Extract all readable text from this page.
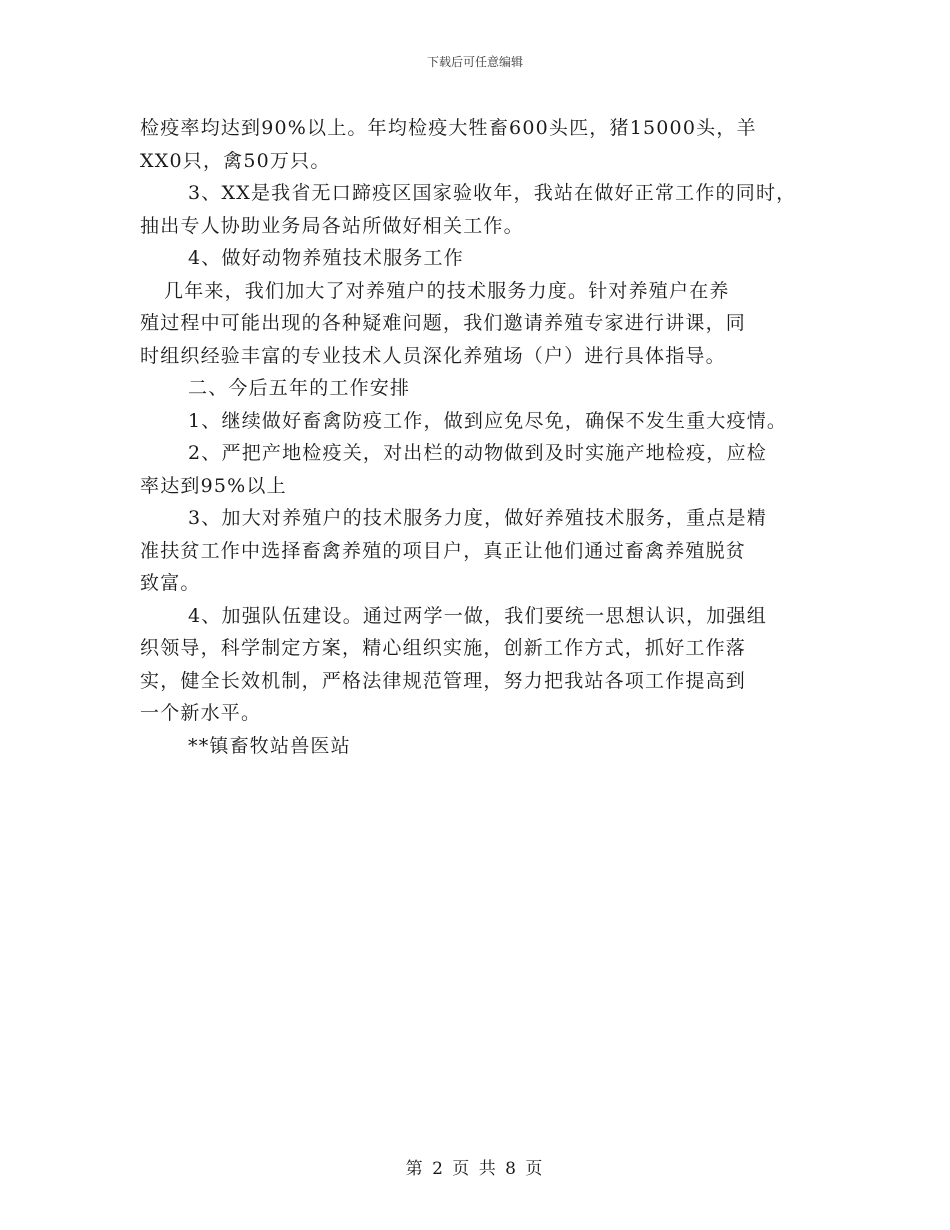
下载后可任意编辑
检疫率均达到90%以上。年均检疫大牲畜600头匹，猪15000头，羊
XX0只，禽50万只。
3、XX是我省无口蹄疫区国家验收年，我站在做好正常工作的同时，
抽出专人协助业务局各站所做好相关工作。
4、做好动物养殖技术服务工作
几年来，我们加大了对养殖户的技术服务力度。针对养殖户在养
殖过程中可能出现的各种疑难问题，我们邀请养殖专家进行讲课，同
时组织经验丰富的专业技术人员深化养殖场（户）进行具体指导。
二、今后五年的工作安排
1、继续做好畜禽防疫工作，做到应免尽免，确保不发生重大疫情。
2、严把产地检疫关，对出栏的动物做到及时实施产地检疫，应检
率达到95%以上
3、加大对养殖户的技术服务力度，做好养殖技术服务，重点是精
准扶贫工作中选择畜禽养殖的项目户，真正让他们通过畜禽养殖脱贫
致富。
4、加强队伍建设。通过两学一做，我们要统一思想认识，加强组
织领导，科学制定方案，精心组织实施，创新工作方式，抓好工作落
实，健全长效机制，严格法律规范管理，努力把我站各项工作提高到
一个新水平。
**镇畜牧站兽医站
第 2 页 共 8 页
